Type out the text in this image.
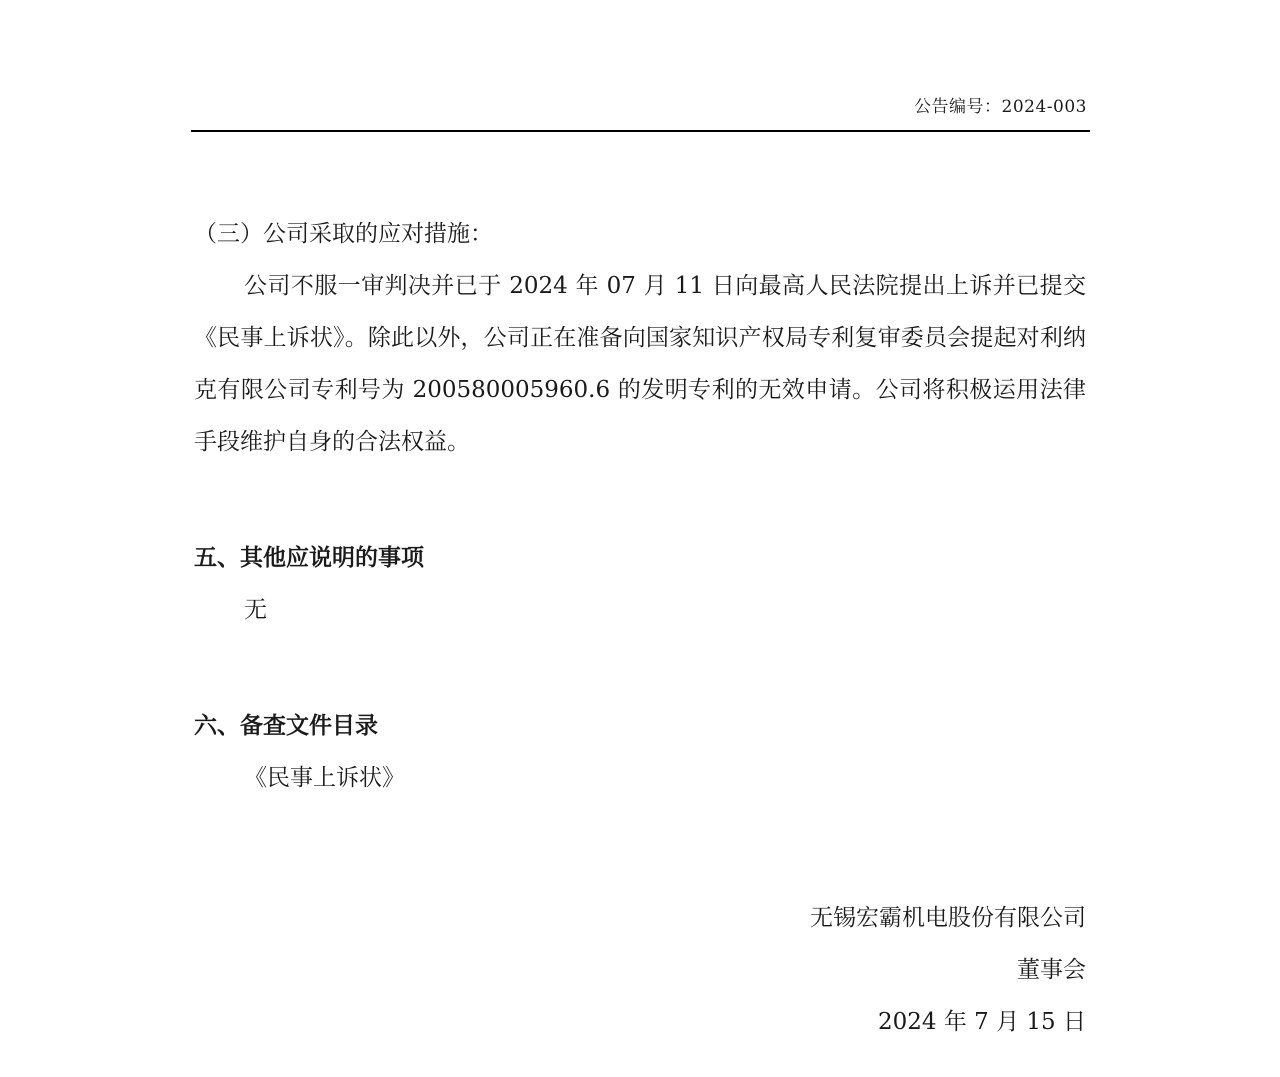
公告编号：2024-003

（三）公司采取的应对措施：

公司不服一审判决并已于 2024 年 07 月 11 日向最高人民法院提出上诉并已提交《民事上诉状》。除此以外，公司正在准备向国家知识产权局专利复审委员会提起对利纳克有限公司专利号为 200580005960.6 的发明专利的无效申请。公司将积极运用法律手段维护自身的合法权益。

五、其他应说明的事项

无

六、备查文件目录

《民事上诉状》

无锡宏霸机电股份有限公司

董事会

2024 年 7 月 15 日
